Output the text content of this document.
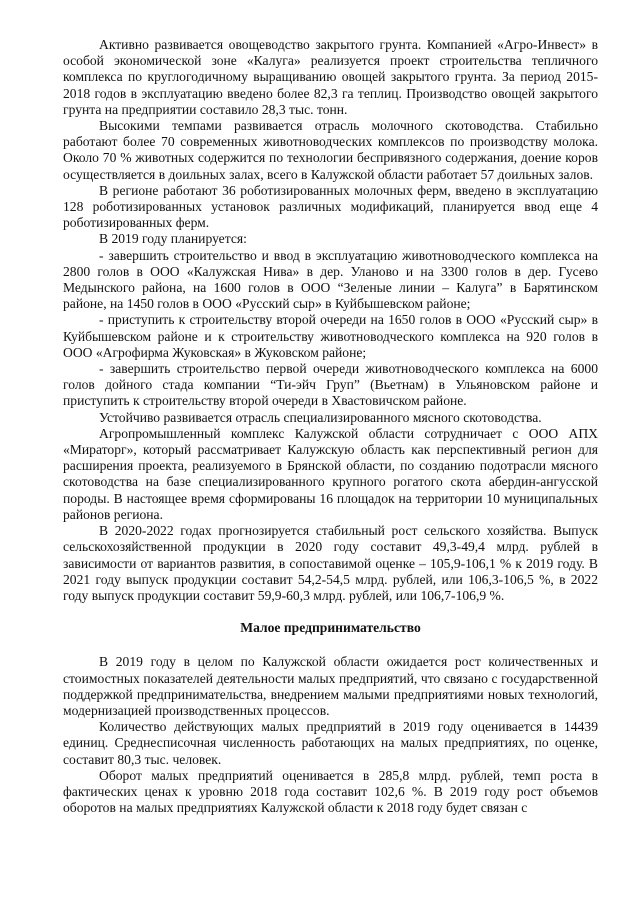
Активно развивается овощеводство закрытого грунта. Компанией «Агро-Инвест» в особой экономической зоне «Калуга» реализуется проект строительства тепличного комплекса по круглогодичному выращиванию овощей закрытого грунта. За период 2015-2018 годов в эксплуатацию введено более 82,3 га теплиц. Производство овощей закрытого грунта на предприятии составило 28,3 тыс. тонн.

Высокими темпами развивается отрасль молочного скотоводства. Стабильно работают более 70 современных животноводческих комплексов по производству молока. Около 70 % животных содержится по технологии беспривязного содержания, доение коров осуществляется в доильных залах, всего в Калужской области работает 57 доильных залов.

В регионе работают 36 роботизированных молочных ферм, введено в эксплуатацию 128 роботизированных установок различных модификаций, планируется ввод еще 4 роботизированных ферм.

В 2019 году планируется:

- завершить строительство и ввод в эксплуатацию животноводческого комплекса на 2800 голов в ООО «Калужская Нива» в дер. Уланово и на 3300 голов в дер. Гусево Медынского района, на 1600 голов в ООО “Зеленые линии – Калуга” в Барятинском районе, на 1450 голов в ООО «Русский сыр» в Куйбышевском районе;

- приступить к строительству второй очереди на 1650 голов в ООО «Русский сыр» в Куйбышевском районе и к строительству животноводческого комплекса на 920 голов в ООО «Агрофирма Жуковская» в Жуковском районе;

- завершить строительство первой очереди животноводческого комплекса на 6000 голов дойного стада компании “Ти-эйч Груп” (Вьетнам) в Ульяновском районе и приступить к строительству второй очереди в Хвастовичском районе.

Устойчиво развивается отрасль специализированного мясного скотоводства.

Агропромышленный комплекс Калужской области сотрудничает с ООО АПХ «Мираторг», который рассматривает Калужскую область как перспективный регион для расширения проекта, реализуемого в Брянской области, по созданию подотрасли мясного скотоводства на базе специализированного крупного рогатого скота абердин-ангусской породы. В настоящее время сформированы 16 площадок на территории 10 муниципальных районов региона.

В 2020-2022 годах прогнозируется стабильный рост сельского хозяйства. Выпуск сельскохозяйственной продукции в 2020 году составит 49,3-49,4 млрд. рублей в зависимости от вариантов развития, в сопоставимой оценке – 105,9-106,1 % к 2019 году. В 2021 году выпуск продукции составит 54,2-54,5 млрд. рублей, или 106,3-106,5 %, в 2022 году выпуск продукции составит 59,9-60,3 млрд. рублей, или 106,7-106,9 %.

Малое предпринимательство

В 2019 году в целом по Калужской области ожидается рост количественных и стоимостных показателей деятельности малых предприятий, что связано с государственной поддержкой предпринимательства, внедрением малыми предприятиями новых технологий, модернизацией производственных процессов.

Количество действующих малых предприятий в 2019 году оценивается в 14439 единиц. Среднесписочная численность работающих на малых предприятиях, по оценке, составит 80,3 тыс. человек.

Оборот малых предприятий оценивается в 285,8 млрд. рублей, темп роста в фактических ценах к уровню 2018 года составит 102,6 %. В 2019 году рост объемов оборотов на малых предприятиях Калужской области к 2018 году будет связан с
